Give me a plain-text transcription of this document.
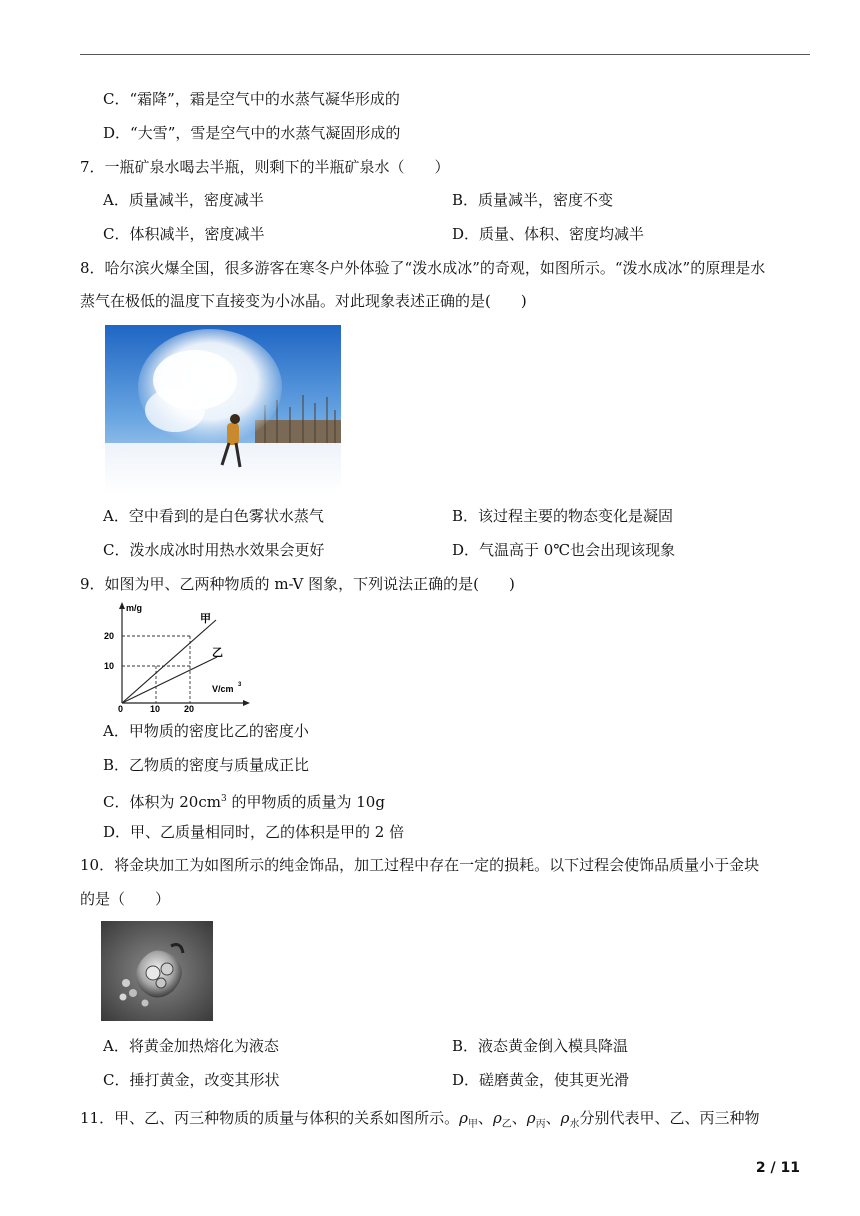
C．“霜降”，霜是空气中的水蒸气凝华形成的
D．“大雪”，雪是空气中的水蒸气凝固形成的
7．一瓶矿泉水喝去半瓶，则剩下的半瓶矿泉水（　　）
A．质量减半，密度减半	B．质量减半，密度不变
C．体积减半，密度减半	D．质量、体积、密度均减半
8．哈尔滨火爆全国，很多游客在寒冬户外体验了“泼水成冰”的奇观，如图所示。“泼水成冰”的原理是水
蒸气在极低的温度下直接变为小冰晶。对此现象表述正确的是(　　)
A．空中看到的是白色雾状水蒸气	B．该过程主要的物态变化是凝固
C．泼水成冰时用热水效果会更好	D．气温高于 0℃也会出现该现象
9．如图为甲、乙两种物质的 m-V 图象，下列说法正确的是(　　)
m/g
20
10
0	10	20
V/cm 3
甲
乙
A．甲物质的密度比乙的密度小
B．乙物质的密度与质量成正比
C．体积为 $20cm^3$ 的甲物质的质量为 10g
D．甲、乙质量相同时，乙的体积是甲的 2 倍
10．将金块加工为如图所示的纯金饰品，加工过程中存在一定的损耗。以下过程会使饰品质量小于金块
的是（　　）
A．将黄金加热熔化为液态	B．液态黄金倒入模具降温
C．捶打黄金，改变其形状	D．磋磨黄金，使其更光滑
11．甲、乙、丙三种物质的质量与体积的关系如图所示。$\rho_甲$、$\rho_乙$、$\rho_丙$、$\rho_水$分别代表甲、乙、丙三种物
2 / 11
